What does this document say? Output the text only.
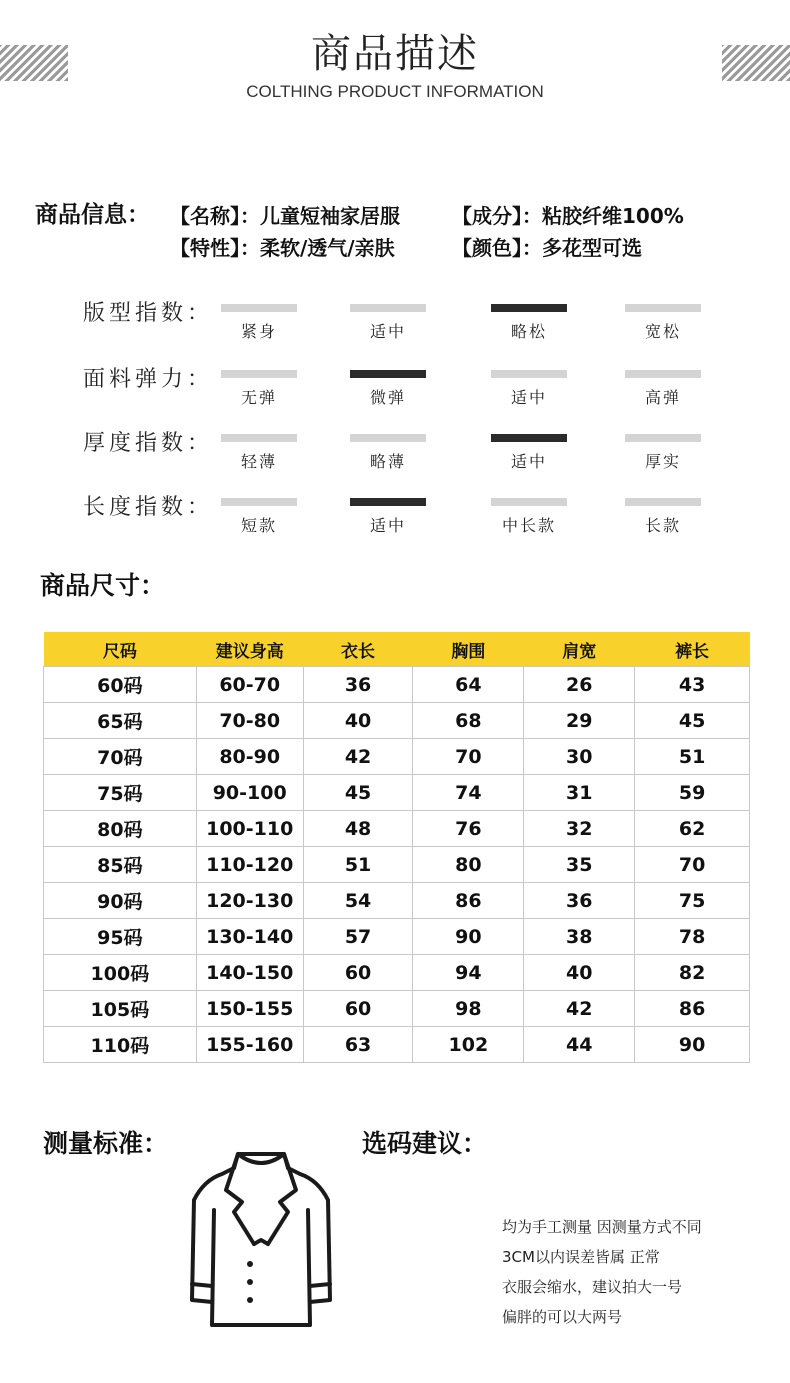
商品描述
COLTHING PRODUCT INFORMATION
商品信息： 【名称】：儿童短袖家居服	【成分】：粘胶纤维100%
【特性】：柔软/透气/亲肤	【颜色】：多花型可选
版型指数：
紧身	适中	略松	宽松
面料弹力：
无弹	微弹	适中	高弹
厚度指数：
轻薄	略薄	适中	厚实
长度指数：
短款	适中	中长款	长款
商品尺寸：
尺码	建议身高	衣长	胸围	肩宽	裤长
60码	60-70	36	64	26	43
65码	70-80	40	68	29	45
70码	80-90	42	70	30	51
75码	90-100	45	74	31	59
80码	100-110	48	76	32	62
85码	110-120	51	80	35	70
90码	120-130	54	86	36	75
95码	130-140	57	90	38	78
100码	140-150	60	94	40	82
105码	150-155	60	98	42	86
110码	155-160	63	102	44	90
测量标准：	选码建议：
均为手工测量 因测量方式不同
3CM以内误差皆属 正常
衣服会缩水，建议拍大一号
偏胖的可以大两号
